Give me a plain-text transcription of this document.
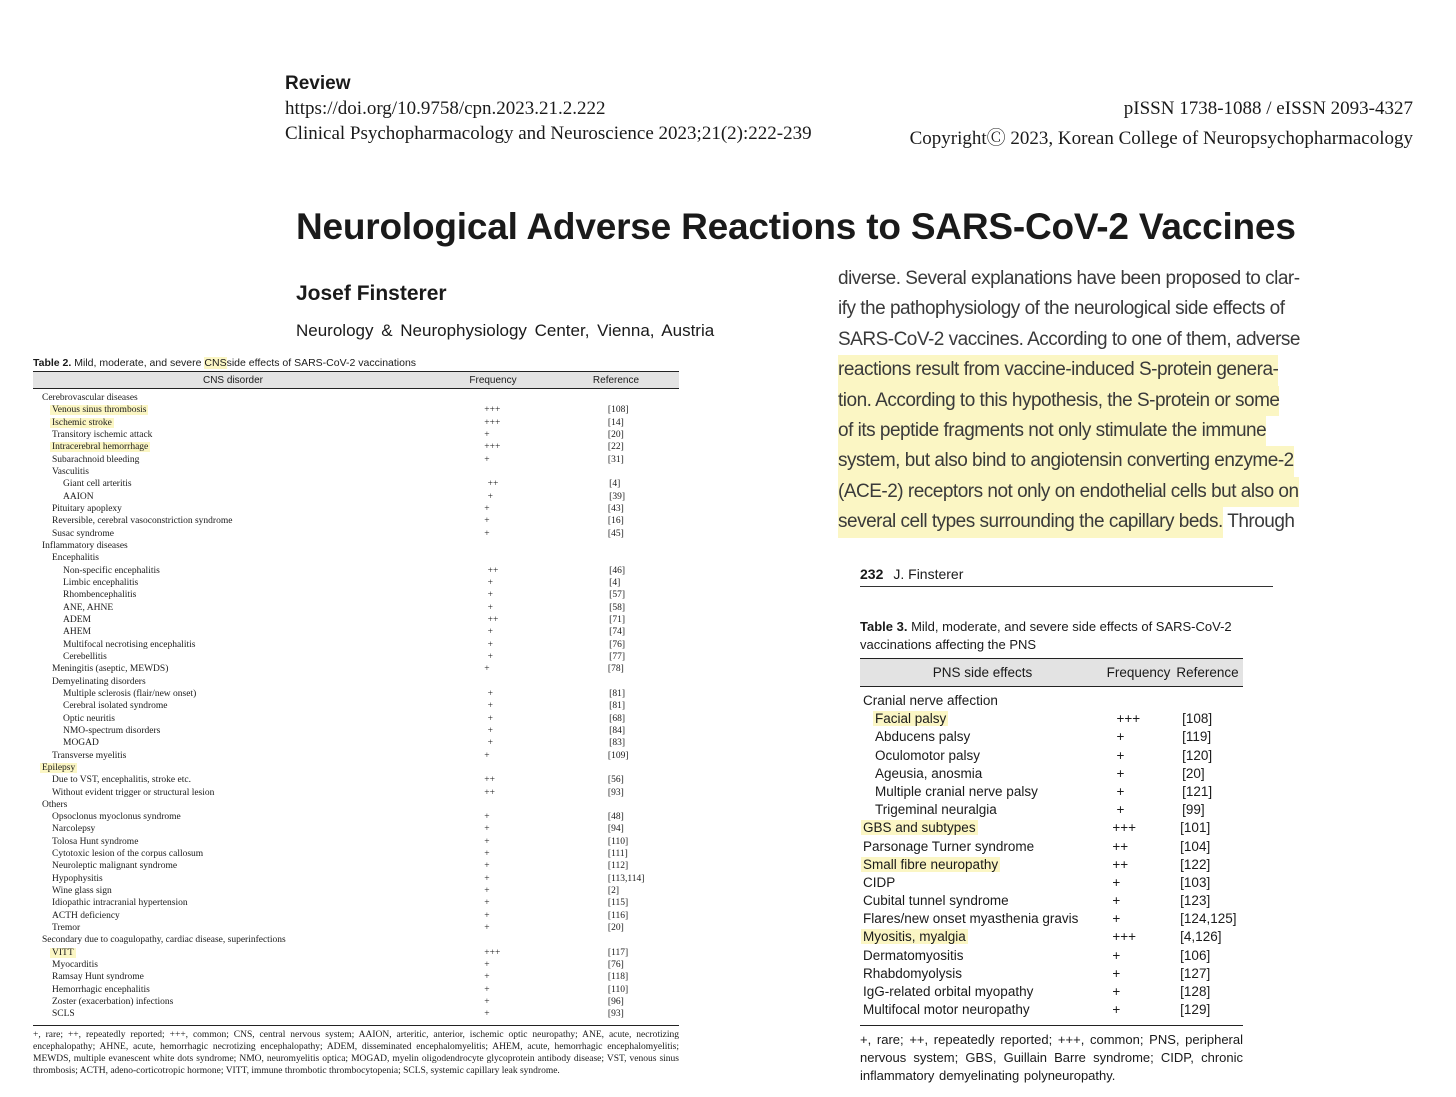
Review
https://doi.org/10.9758/cpn.2023.21.2.222
Clinical Psychopharmacology and Neuroscience 2023;21(2):222-239
pISSN 1738-1088 / eISSN 2093-4327
CopyrightⒸ 2023, Korean College of Neuropsychopharmacology
Neurological Adverse Reactions to SARS-CoV-2 Vaccines
Josef Finsterer
Neurology & Neurophysiology Center, Vienna, Austria
diverse. Several explanations have been proposed to clar-
ify the pathophysiology of the neurological side effects of
SARS-CoV-2 vaccines. According to one of them, adverse
reactions result from vaccine-induced S-protein genera-
tion. According to this hypothesis, the S-protein or some
of its peptide fragments not only stimulate the immune
system, but also bind to angiotensin converting enzyme-2
(ACE-2) receptors not only on endothelial cells but also on
several cell types surrounding the capillary beds. Through
Table 2. Mild, moderate, and severe CNSside effects of SARS-CoV-2 vaccinations
CNS disorder	Frequency	Reference
Cerebrovascular diseases
Venous sinus thrombosis	+++	[108]
Ischemic stroke	+++	[14]
Transitory ischemic attack	+	[20]
Intracerebral hemorrhage	+++	[22]
Subarachnoid bleeding	+	[31]
Vasculitis
Giant cell arteritis	++	[4]
AAION	+	[39]
Pituitary apoplexy	+	[43]
Reversible, cerebral vasoconstriction syndrome	+	[16]
Susac syndrome	+	[45]
Inflammatory diseases
Encephalitis
Non-specific encephalitis	++	[46]
Limbic encephalitis	+	[4]
Rhombencephalitis	+	[57]
ANE, AHNE	+	[58]
ADEM	++	[71]
AHEM	+	[74]
Multifocal necrotising encephalitis	+	[76]
Cerebellitis	+	[77]
Meningitis (aseptic, MEWDS)	+	[78]
Demyelinating disorders
Multiple sclerosis (flair/new onset)	+	[81]
Cerebral isolated syndrome	+	[81]
Optic neuritis	+	[68]
NMO-spectrum disorders	+	[84]
MOGAD	+	[83]
Transverse myelitis	+	[109]
Epilepsy
Due to VST, encephalitis, stroke etc.	++	[56]
Without evident trigger or structural lesion	++	[93]
Others
Opsoclonus myoclonus syndrome	+	[48]
Narcolepsy	+	[94]
Tolosa Hunt syndrome	+	[110]
Cytotoxic lesion of the corpus callosum	+	[111]
Neuroleptic malignant syndrome	+	[112]
Hypophysitis	+	[113,114]
Wine glass sign	+	[2]
Idiopathic intracranial hypertension	+	[115]
ACTH deficiency	+	[116]
Tremor	+	[20]
Secondary due to coagulopathy, cardiac disease, superinfections
VITT	+++	[117]
Myocarditis	+	[76]
Ramsay Hunt syndrome	+	[118]
Hemorrhagic encephalitis	+	[110]
Zoster (exacerbation) infections	+	[96]
SCLS	+	[93]
+, rare; ++, repeatedly reported; +++, common; CNS, central nervous system; AAION, arteritic, anterior, ischemic optic neuropathy; ANE, acute, necrotizing encephalopathy; AHNE, acute, hemorrhagic necrotizing encephalopathy; ADEM, disseminated encephalomyelitis; AHEM, acute, hemorrhagic encephalomyelitis; MEWDS, multiple evanescent white dots syndrome; NMO, neuromyelitis optica; MOGAD, myelin oligodendrocyte glycoprotein antibody disease; VST, venous sinus thrombosis; ACTH, adeno-corticotropic hormone; VITT, immune thrombotic thrombocytopenia; SCLS, systemic capillary leak syndrome.
232 J. Finsterer
Table 3. Mild, moderate, and severe side effects of SARS-CoV-2 vaccinations affecting the PNS
PNS side effects	Frequency Reference
Cranial nerve affection
Facial palsy	+++	[108]
Abducens palsy	+	[119]
Oculomotor palsy	+	[120]
Ageusia, anosmia	+	[20]
Multiple cranial nerve palsy	+	[121]
Trigeminal neuralgia	+	[99]
GBS and subtypes	+++	[101]
Parsonage Turner syndrome	++	[104]
Small fibre neuropathy	++	[122]
CIDP	+	[103]
Cubital tunnel syndrome	+	[123]
Flares/new onset myasthenia gravis	+	[124,125]
Myositis, myalgia	+++	[4,126]
Dermatomyositis	+	[106]
Rhabdomyolysis	+	[127]
IgG-related orbital myopathy	+	[128]
Multifocal motor neuropathy	+	[129]
+, rare; ++, repeatedly reported; +++, common; PNS, peripheral nervous system; GBS, Guillain Barre syndrome; CIDP, chronic inflammatory demyelinating polyneuropathy.
